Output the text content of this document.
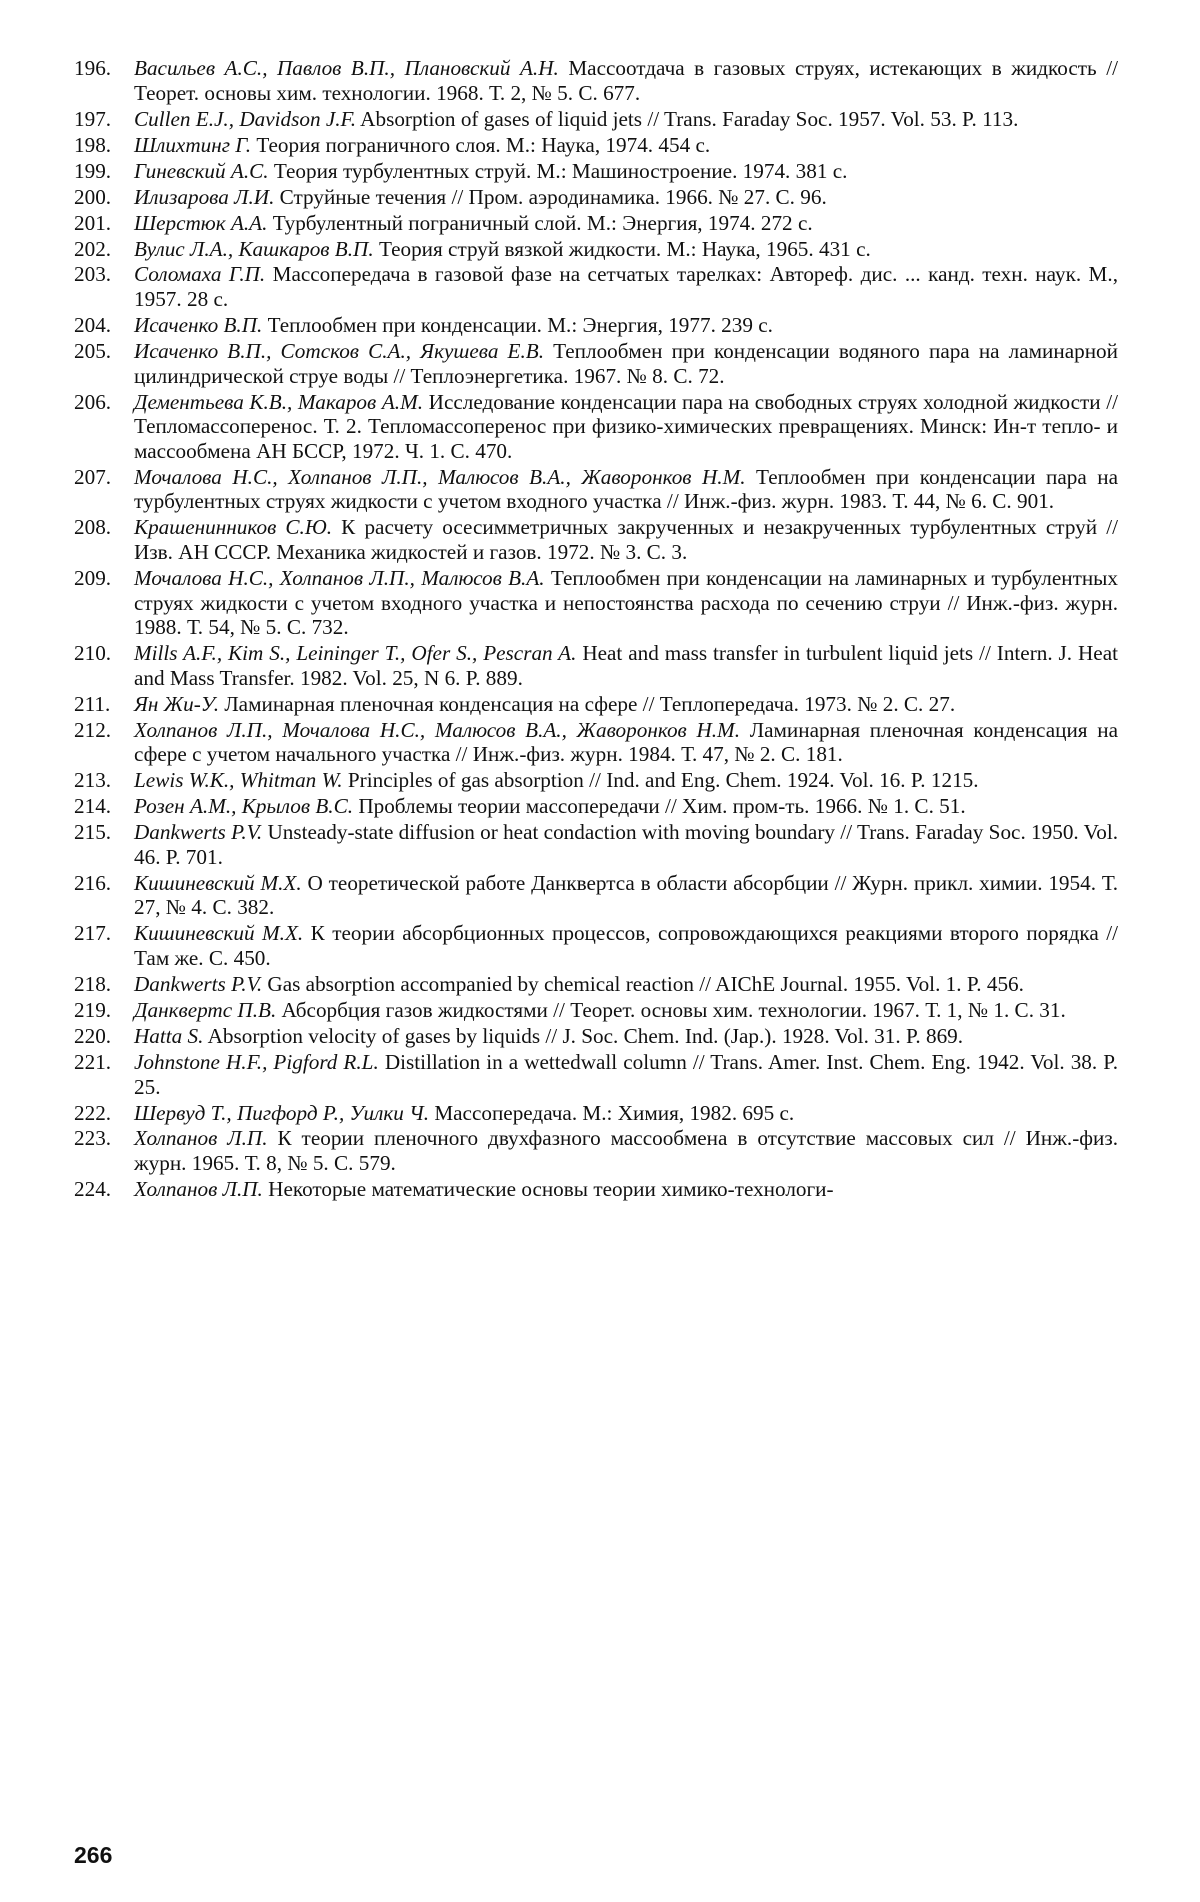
196.	Васильев А.С., Павлов В.П., Плановский А.Н. Массоотдача в газовых струях, истекающих в жидкость // Теорет. основы хим. технологии. 1968. Т. 2, № 5. С. 677.
197.	Cullen E.J., Davidson J.F. Absorption of gases of liquid jets // Trans. Faraday Soc. 1957. Vol. 53. P. 113.
198.	Шлихтинг Г. Теория пограничного слоя. М.: Наука, 1974. 454 с.
199.	Гиневский А.С. Теория турбулентных струй. М.: Машиностроение. 1974. 381 с.
200.	Илизарова Л.И. Струйные течения // Пром. аэродинамика. 1966. № 27. С. 96.
201.	Шерстюк А.А. Турбулентный пограничный слой. М.: Энергия, 1974. 272 с.
202.	Вулис Л.А., Кашкаров В.П. Теория струй вязкой жидкости. М.: Наука, 1965. 431 с.
203.	Соломаха Г.П. Массопередача в газовой фазе на сетчатых тарелках: Автореф. дис. ... канд. техн. наук. М., 1957. 28 с.
204.	Исаченко В.П. Теплообмен при конденсации. М.: Энергия, 1977. 239 с.
205.	Исаченко В.П., Сотсков С.А., Якушева Е.В. Теплообмен при конденсации водяного пара на ламинарной цилиндрической струе воды // Теплоэнергетика. 1967. № 8. С. 72.
206.	Дементьева К.В., Макаров А.М. Исследование конденсации пара на свободных струях холодной жидкости // Тепломассоперенос. Т. 2. Тепломассоперенос при физико-химических превращениях. Минск: Ин-т тепло- и массообмена АН БССР, 1972. Ч. 1. С. 470.
207.	Мочалова Н.С., Холпанов Л.П., Малюсов В.А., Жаворонков Н.М. Теплообмен при конденсации пара на турбулентных струях жидкости с учетом входного участка // Инж.-физ. журн. 1983. Т. 44, № 6. С. 901.
208.	Крашенинников С.Ю. К расчету осесимметричных закрученных и незакрученных турбулентных струй // Изв. АН СССР. Механика жидкостей и газов. 1972. № 3. С. 3.
209.	Мочалова Н.С., Холпанов Л.П., Малюсов В.А. Теплообмен при конденсации на ламинарных и турбулентных струях жидкости с учетом входного участка и непостоянства расхода по сечению струи // Инж.-физ. журн. 1988. Т. 54, № 5. С. 732.
210.	Mills A.F., Kim S., Leininger T., Ofer S., Pescran A. Heat and mass transfer in turbulent liquid jets // Intern. J. Heat and Mass Transfer. 1982. Vol. 25, N 6. P. 889.
211.	Ян Жи-У. Ламинарная пленочная конденсация на сфере // Теплопередача. 1973. № 2. С. 27.
212.	Холпанов Л.П., Мочалова Н.С., Малюсов В.А., Жаворонков Н.М. Ламинарная пленочная конденсация на сфере с учетом начального участка // Инж.-физ. журн. 1984. Т. 47, № 2. С. 181.
213.	Lewis W.K., Whitman W. Principles of gas absorption // Ind. and Eng. Chem. 1924. Vol. 16. P. 1215.
214.	Розен А.М., Крылов В.С. Проблемы теории массопередачи // Хим. пром-ть. 1966. № 1. С. 51.
215.	Dankwerts P.V. Unsteady-state diffusion or heat condaction with moving boundary // Trans. Faraday Soc. 1950. Vol. 46. P. 701.
216.	Кишиневский М.Х. О теоретической работе Данквертса в области абсорбции // Журн. прикл. химии. 1954. Т. 27, № 4. С. 382.
217.	Кишиневский М.Х. К теории абсорбционных процессов, сопровождающихся реакциями второго порядка // Там же. С. 450.
218.	Dankwerts P.V. Gas absorption accompanied by chemical reaction // AIChE Journal. 1955. Vol. 1. P. 456.
219.	Данквертс П.В. Абсорбция газов жидкостями // Теорет. основы хим. технологии. 1967. Т. 1, № 1. С. 31.
220.	Hatta S. Absorption velocity of gases by liquids // J. Soc. Chem. Ind. (Jap.). 1928. Vol. 31. P. 869.
221.	Johnstone H.F., Pigford R.L. Distillation in a wettedwall column // Trans. Amer. Inst. Chem. Eng. 1942. Vol. 38. P. 25.
222.	Шервуд Т., Пигфорд Р., Уилки Ч. Массопередача. М.: Химия, 1982. 695 с.
223.	Холпанов Л.П. К теории пленочного двухфазного массообмена в отсутствие массовых сил // Инж.-физ. журн. 1965. Т. 8, № 5. С. 579.
224.	Холпанов Л.П. Некоторые математические основы теории химико-технологи-
266
